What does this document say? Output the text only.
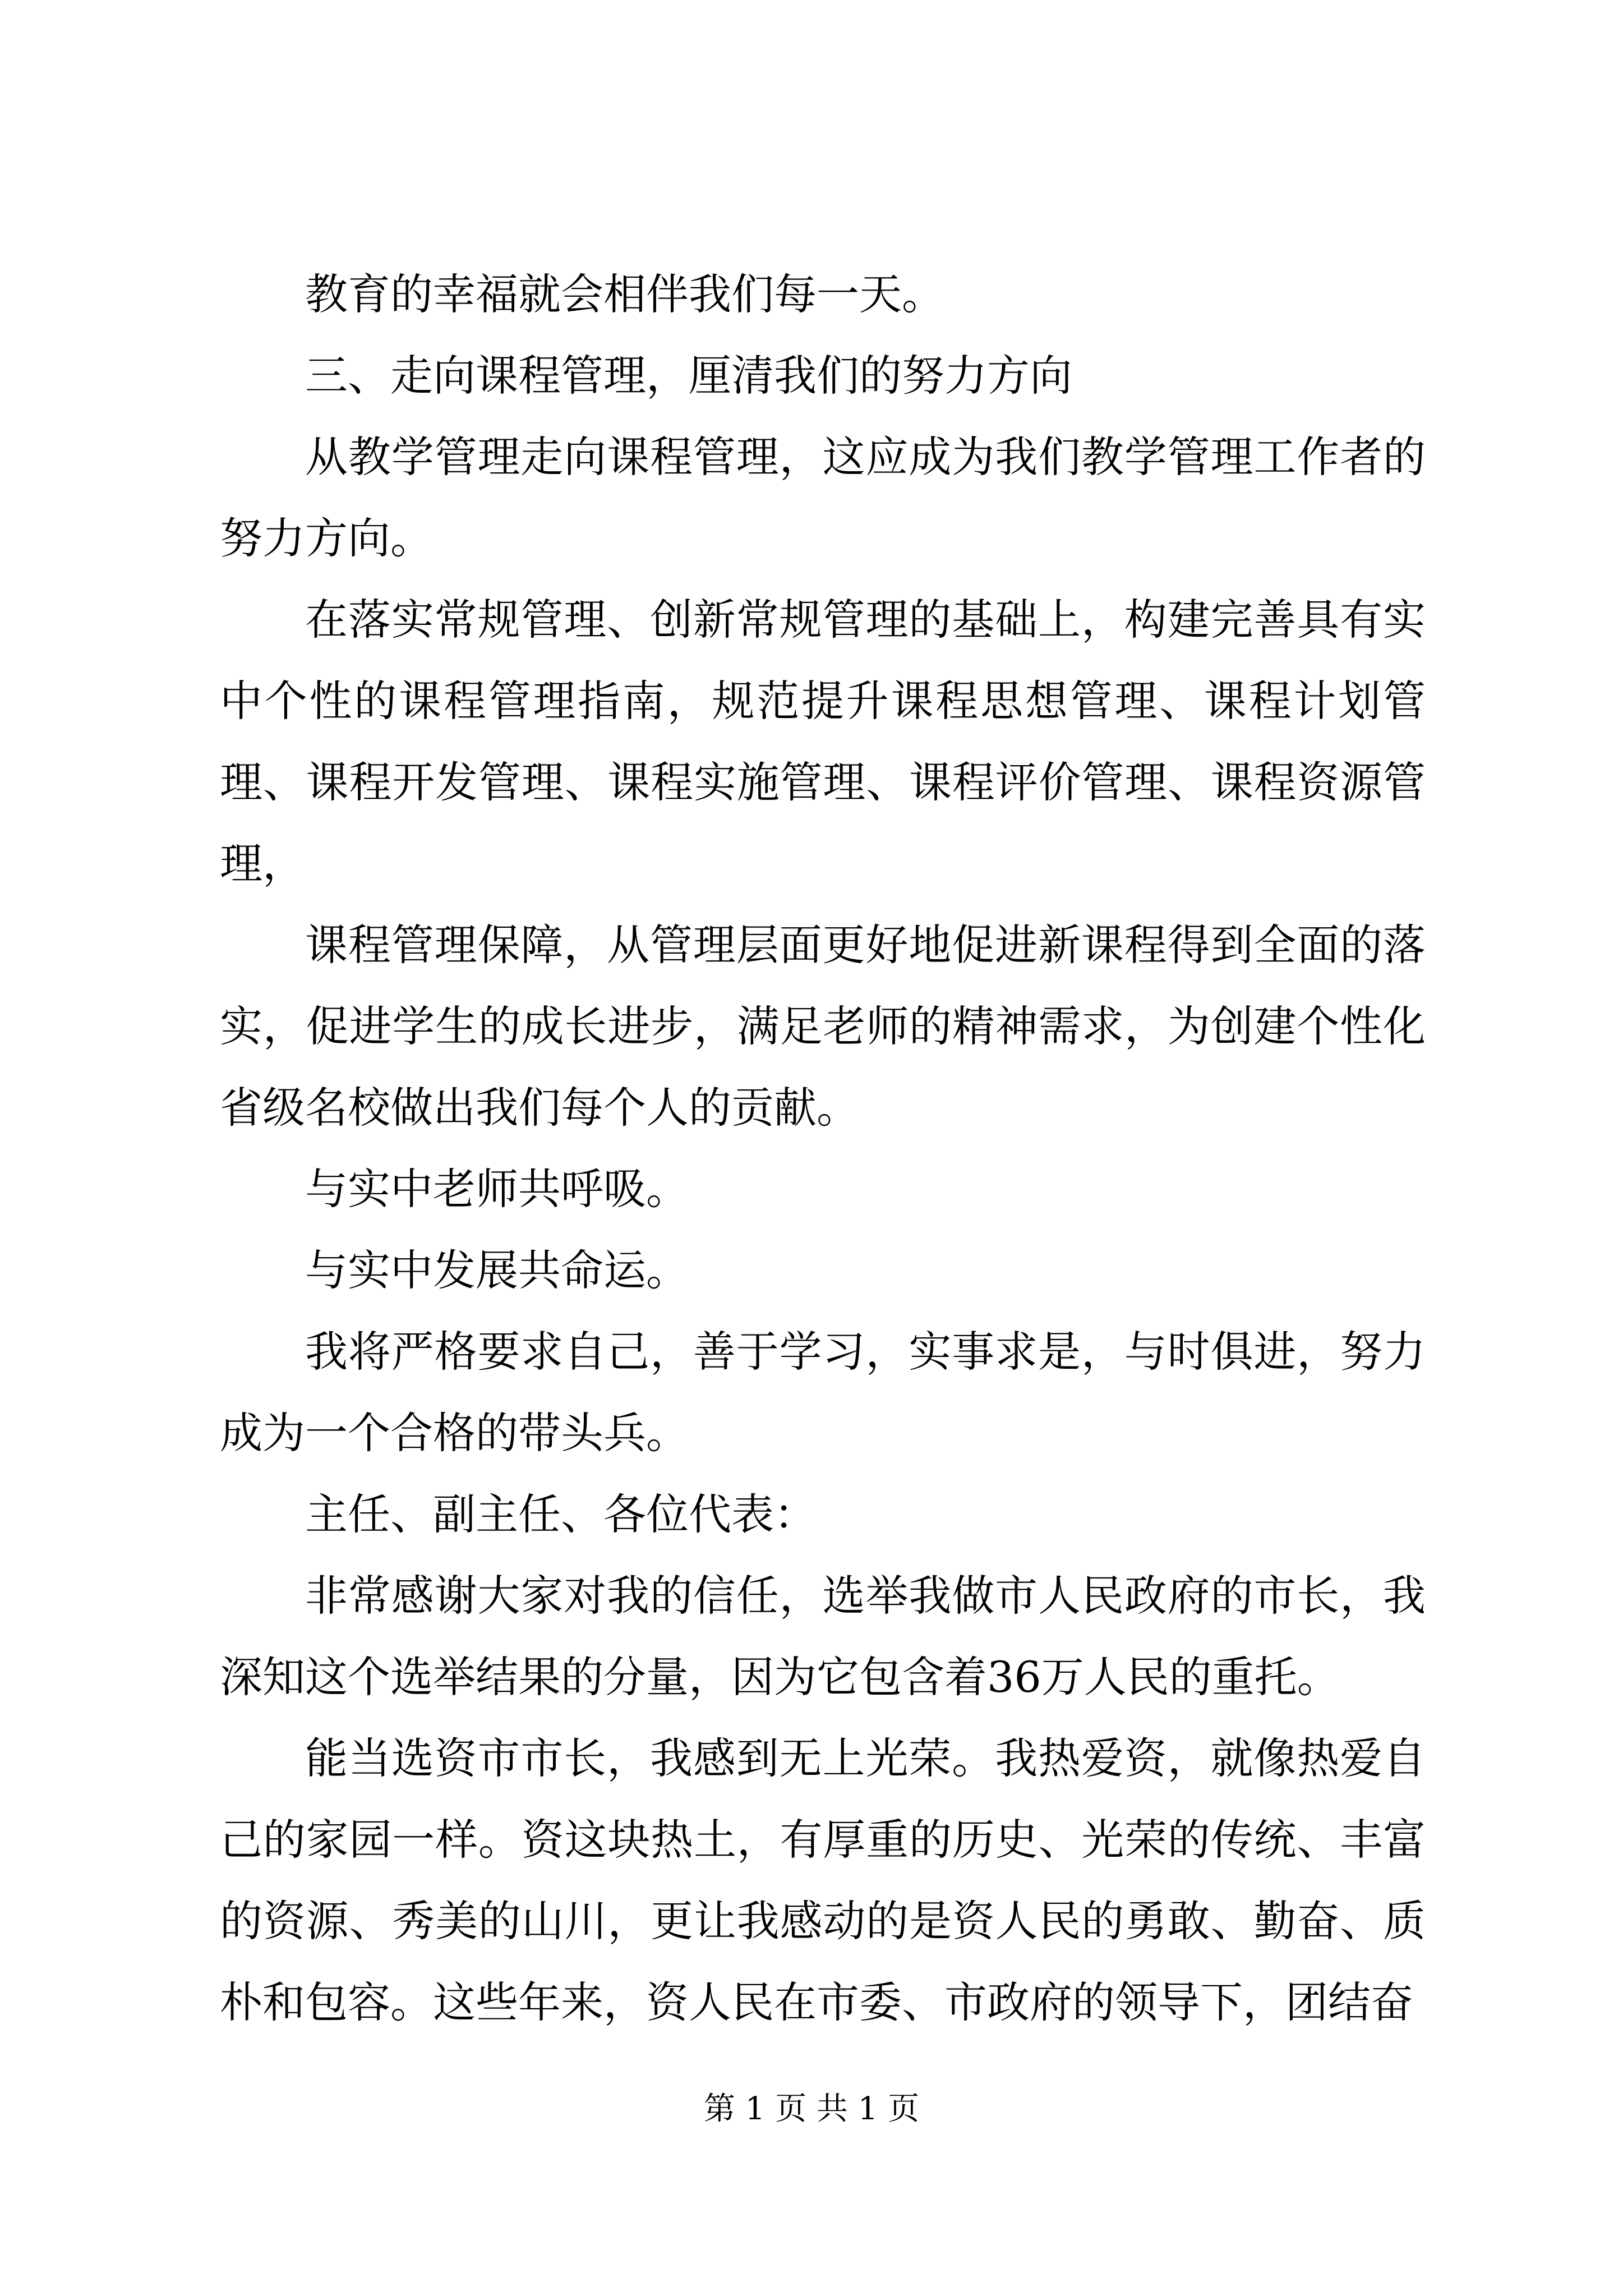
教育的幸福就会相伴我们每一天。

三、走向课程管理，厘清我们的努力方向

从教学管理走向课程管理，这应成为我们教学管理工作者的努力方向。

在落实常规管理、创新常规管理的基础上，构建完善具有实中个性的课程管理指南，规范提升课程思想管理、课程计划管理、课程开发管理、课程实施管理、课程评价管理、课程资源管理，

课程管理保障，从管理层面更好地促进新课程得到全面的落实，促进学生的成长进步，满足老师的精神需求，为创建个性化省级名校做出我们每个人的贡献。

与实中老师共呼吸。

与实中发展共命运。

我将严格要求自己，善于学习，实事求是，与时俱进，努力成为一个合格的带头兵。

主任、副主任、各位代表：

非常感谢大家对我的信任，选举我做市人民政府的市长，我深知这个选举结果的分量，因为它包含着36万人民的重托。

能当选资市市长，我感到无上光荣。我热爱资，就像热爱自己的家园一样。资这块热土，有厚重的历史、光荣的传统、丰富的资源、秀美的山川，更让我感动的是资人民的勇敢、勤奋、质朴和包容。这些年来，资人民在市委、市政府的领导下，团结奋

第 1 页 共 1 页
